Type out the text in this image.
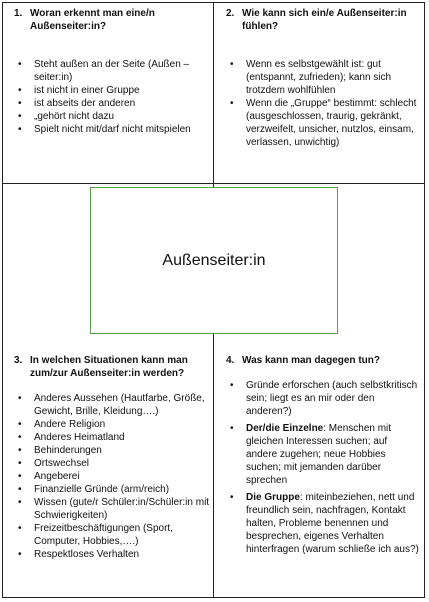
1. Woran erkennt man eine/n Außenseiter:in?
• Steht außen an der Seite (Außen – seiter:in)
• ist nicht in einer Gruppe
• ist abseits der anderen
• „gehört nicht dazu
• Spielt nicht mit/darf nicht mitspielen
2. Wie kann sich ein/e Außenseiter:in fühlen?
• Wenn es selbstgewählt ist: gut (entspannt, zufrieden); kann sich trotzdem wohlfühlen
• Wenn die „Gruppe“ bestimmt: schlecht (ausgeschlossen, traurig, gekränkt, verzweifelt, unsicher, nutzlos, einsam, verlassen, unwichtig)
Außenseiter:in
3. In welchen Situationen kann man zum/zur Außenseiter:in werden?
• Anderes Aussehen (Hautfarbe, Größe, Gewicht, Brille, Kleidung….)
• Andere Religion
• Anderes Heimatland
• Behinderungen
• Ortswechsel
• Angeberei
• Finanzielle Gründe (arm/reich)
• Wissen (gute/r Schüler:in/Schüler:in mit Schwierigkeiten)
• Freizeitbeschäftigungen (Sport, Computer, Hobbies,….)
• Respektloses Verhalten
4. Was kann man dagegen tun?
• Gründe erforschen (auch selbstkritisch sein; liegt es an mir oder den anderen?)
• Der/die Einzelne: Menschen mit gleichen Interessen suchen; auf andere zugehen; neue Hobbies suchen; mit jemanden darüber sprechen
• Die Gruppe: miteinbeziehen, nett und freundlich sein, nachfragen, Kontakt halten, Probleme benennen und besprechen, eigenes Verhalten hinterfragen (warum schließe ich aus?)
